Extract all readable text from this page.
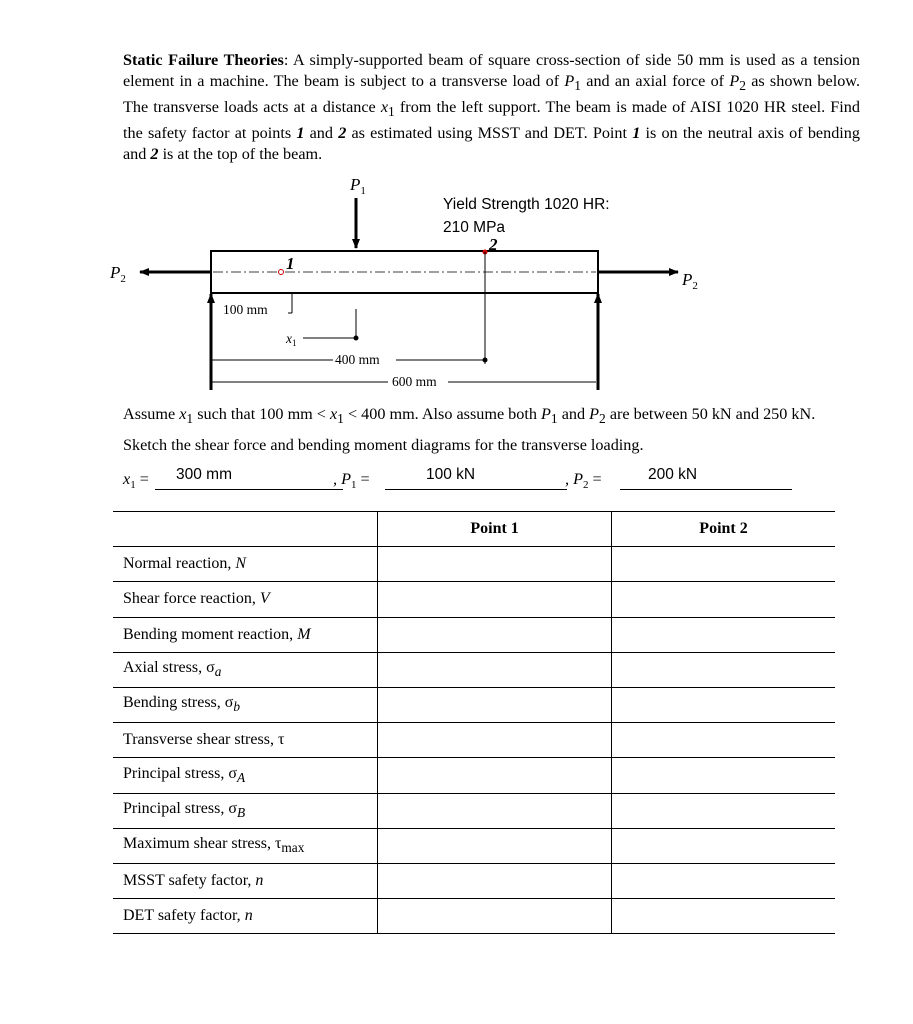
Static Failure Theories: A simply-supported beam of square cross-section of side 50 mm is used as a tension element in a machine. The beam is subject to a transverse load of $P_1$ and an axial force of $P_2$ as shown below. The transverse loads acts at a distance $x_1$ from the left support. The beam is made of AISI 1020 HR steel. Find the safety factor at points 1 and 2 as estimated using MSST and DET. Point 1 is on the neutral axis of bending and 2 is at the top of the beam.
$P_1$
Yield Strength 1020 HR:
210 MPa
$P_2$	$P_2$
1
2
100 mm
$x_1$
400 mm
600 mm
Assume $x_1$ such that 100 mm < $x_1 < 400$ mm. Also assume both $P_1$ and $P_2$ are between 50 kN and 250 kN. Sketch the shear force and bending moment diagrams for the transverse loading.
$x_1 = 300$ mm	, $P_1$ =	100 kN	, $P_2$ =	200 kN
	Point 1	Point 2
Normal reaction, N		
Shear force reaction, V		
Bending moment reaction, M		
Axial stress, $\sigma_a$		
Bending stress, $\sigma_b$		
Transverse shear stress, τ		
Principal stress, $\sigma_A$		
Principal stress, $\sigma_B$		
Maximum shear stress, $\tau_{max}$		
MSST safety factor, n		
DET safety factor, n		
